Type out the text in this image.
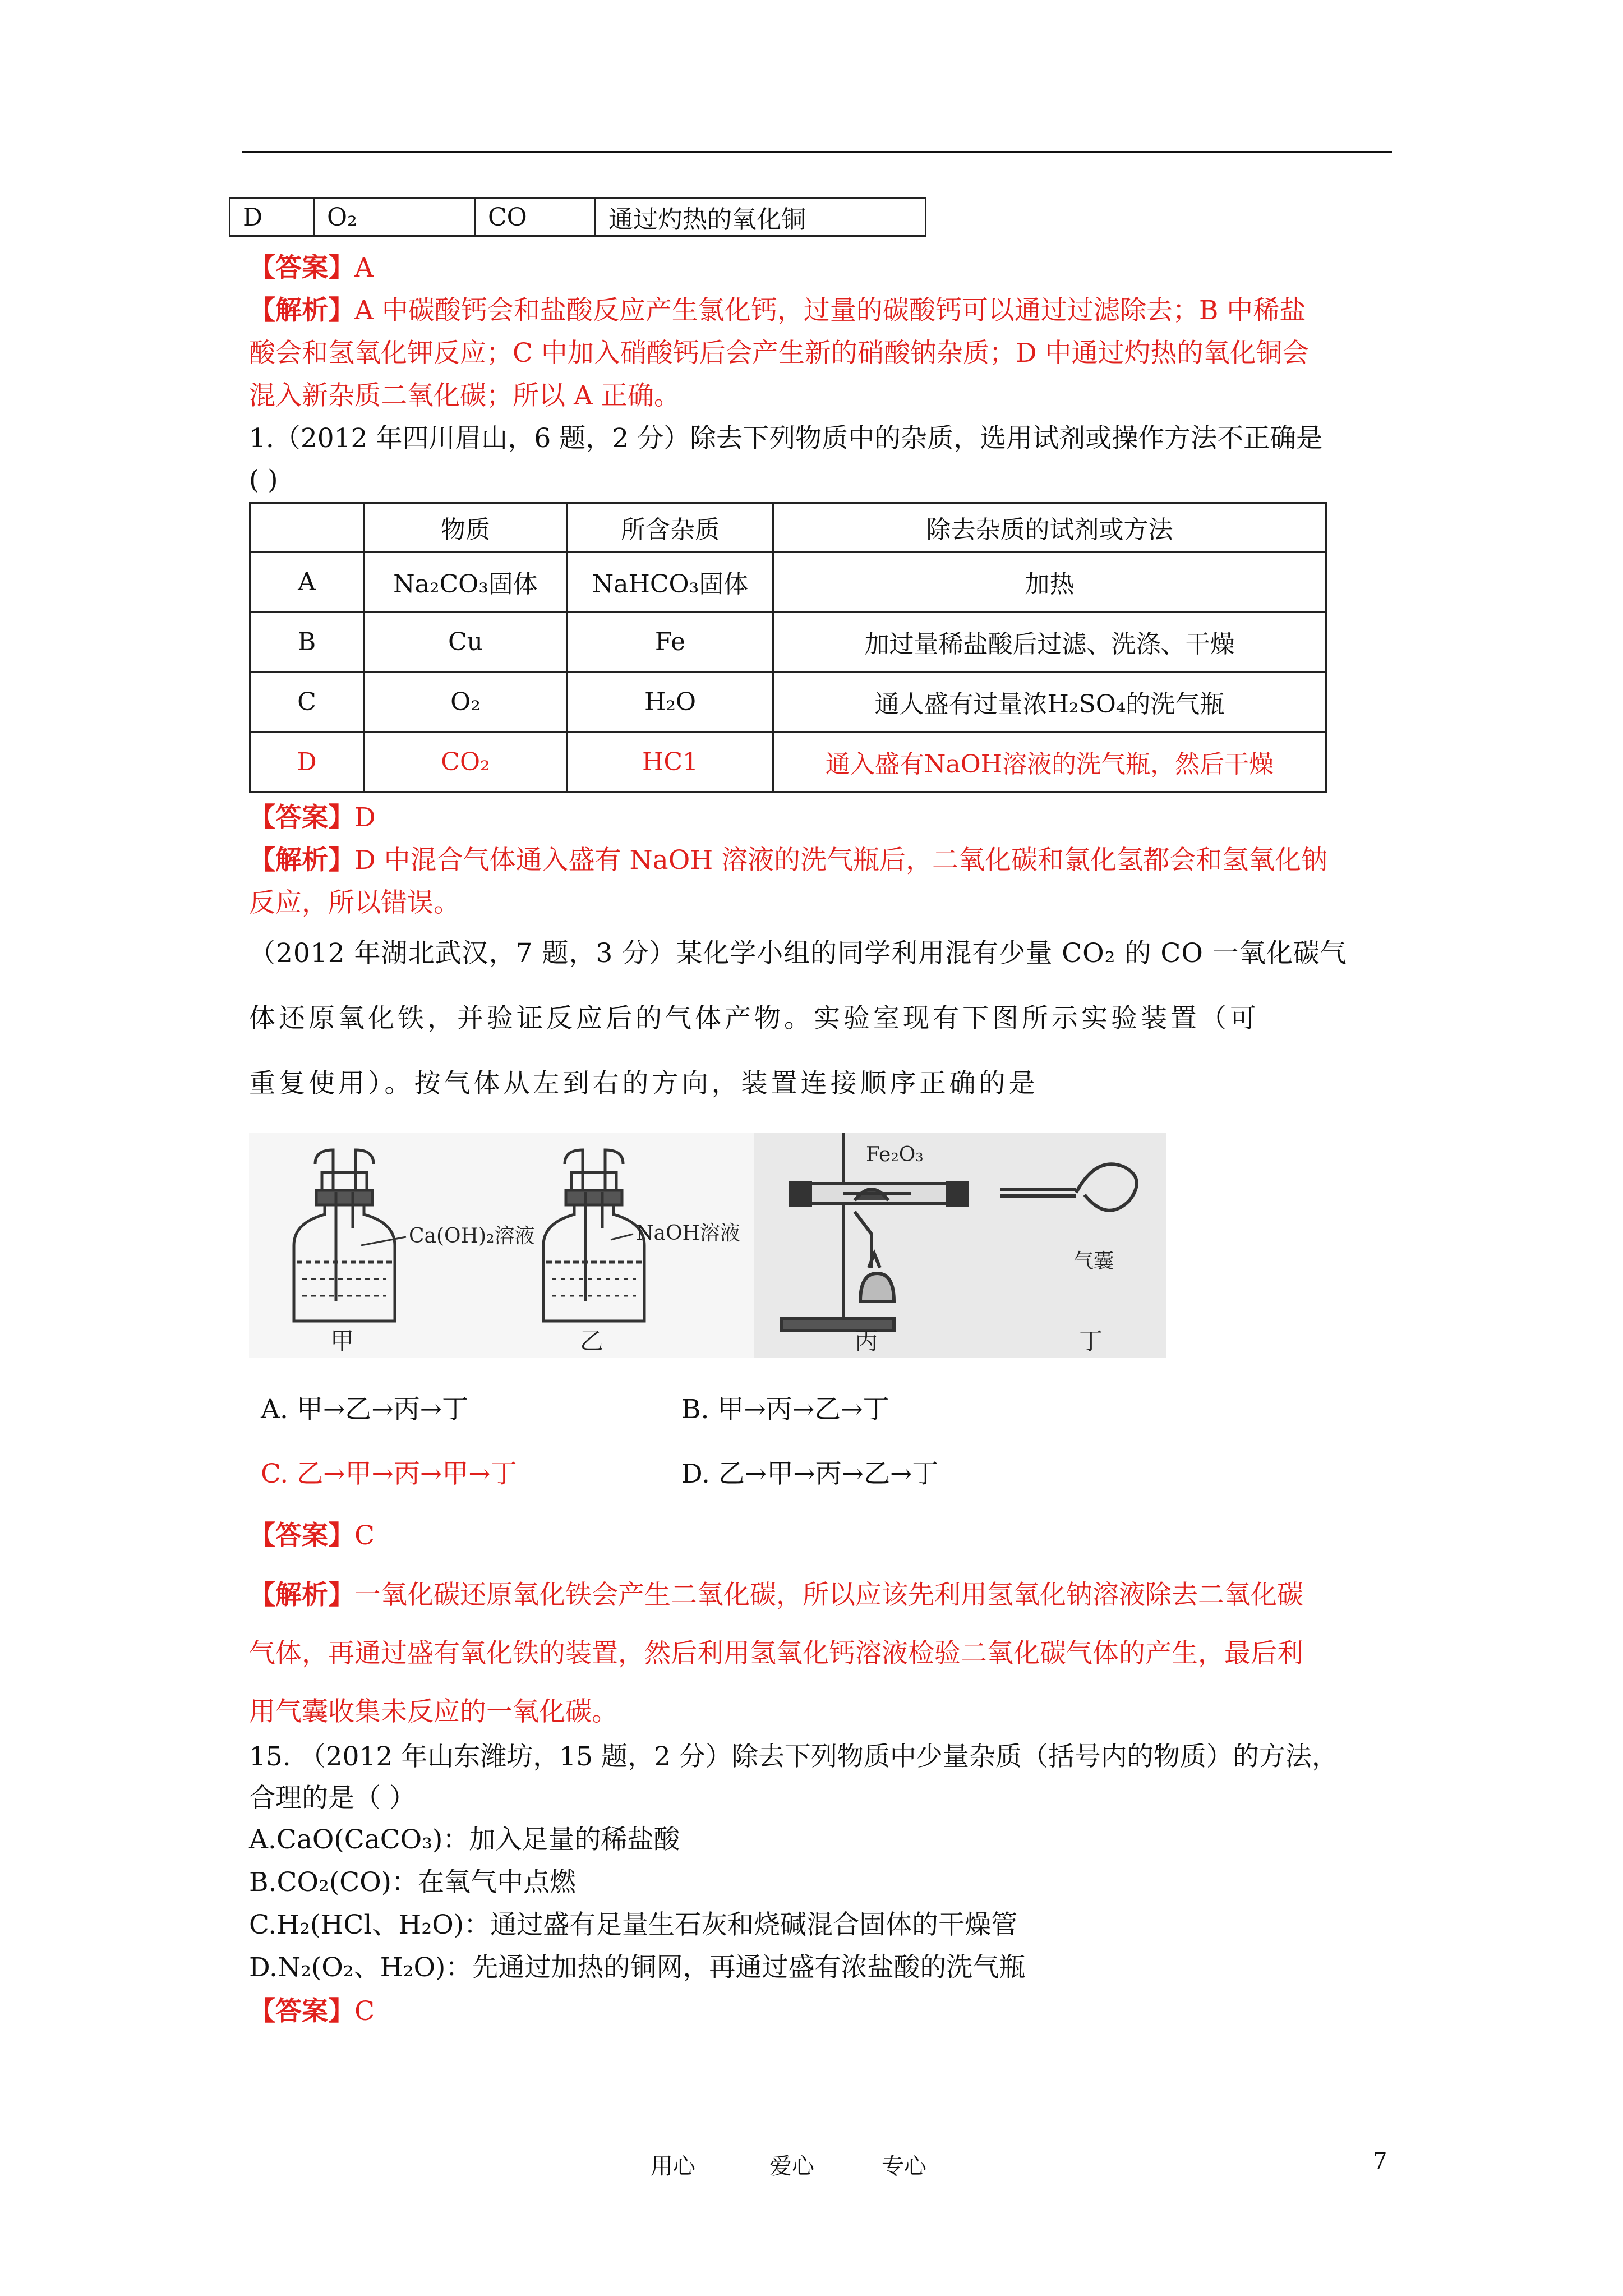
D	O₂	CO	通过灼热的氧化铜
【答案】A
【解析】A 中碳酸钙会和盐酸反应产生氯化钙，过量的碳酸钙可以通过过滤除去；B 中稀盐
酸会和氢氧化钾反应；C 中加入硝酸钙后会产生新的硝酸钠杂质；D 中通过灼热的氧化铜会
混入新杂质二氧化碳；所以 A 正确。
1.（2012 年四川眉山，6 题，2 分）除去下列物质中的杂质，选用试剂或操作方法不正确是
( )
	物质	所含杂质	除去杂质的试剂或方法
A	Na₂CO₃固体	NaHCO₃固体	加热
B	Cu	Fe	加过量稀盐酸后过滤、洗涤、干燥
C	O₂	H₂O	通人盛有过量浓H₂SO₄的洗气瓶
D	CO₂	HC1	通入盛有NaOH溶液的洗气瓶，然后干燥
【答案】D
【解析】D 中混合气体通入盛有 NaOH 溶液的洗气瓶后，二氧化碳和氯化氢都会和氢氧化钠
反应，所以错误。
（2012 年湖北武汉，7 题，3 分）某化学小组的同学利用混有少量 CO₂ 的 CO 一氧化碳气
体还原氧化铁，并验证反应后的气体产物。实验室现有下图所示实验装置（可
重复使用）。按气体从左到右的方向，装置连接顺序正确的是
Ca(OH)₂溶液
甲
NaOH溶液
乙
Fe₂O₃
丙
气囊
丁
A. 甲→乙→丙→丁	B. 甲→丙→乙→丁
C. 乙→甲→丙→甲→丁	D. 乙→甲→丙→乙→丁
【答案】C
【解析】一氧化碳还原氧化铁会产生二氧化碳，所以应该先利用氢氧化钠溶液除去二氧化碳
气体，再通过盛有氧化铁的装置，然后利用氢氧化钙溶液检验二氧化碳气体的产生，最后利
用气囊收集未反应的一氧化碳。
15. （2012 年山东潍坊，15 题，2 分）除去下列物质中少量杂质（括号内的物质）的方法，
合理的是（ ）
A.CaO(CaCO₃)：加入足量的稀盐酸
B.CO₂(CO)：在氧气中点燃
C.H₂(HCl、H₂O)：通过盛有足量生石灰和烧碱混合固体的干燥管
D.N₂(O₂、H₂O)：先通过加热的铜网，再通过盛有浓盐酸的洗气瓶
【答案】C
用心	爱心	专心	7
